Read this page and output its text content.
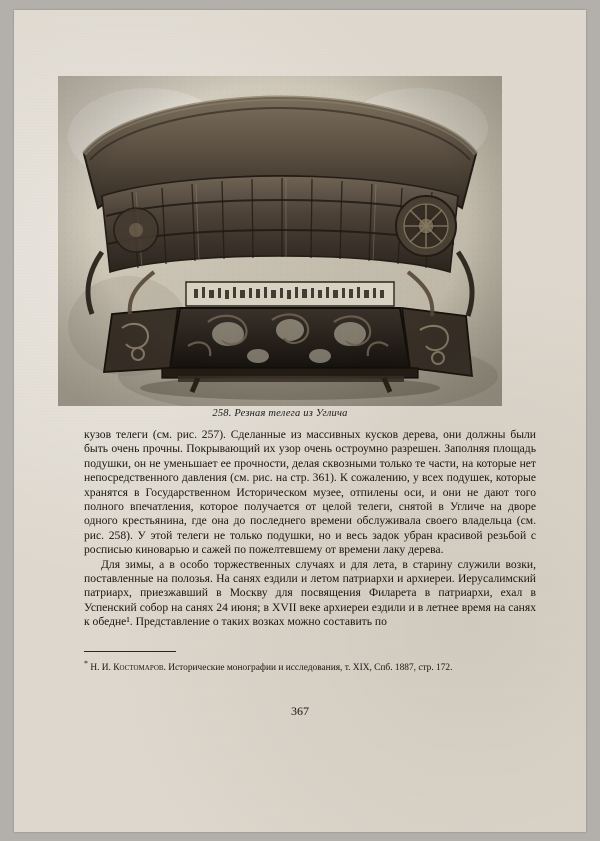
258. Резная телега из Углича

кузов телеги (см. рис. 257). Сделанные из массивных кусков дерева, они должны были быть очень прочны. Покрывающий их узор очень остроумно разрешен. Заполняя площадь подушки, он не уменьшает ее прочности, делая сквозными только те части, на которые нет непосредственного давления (см. рис. на стр. 361). К сожалению, у всех подушек, которые хранятся в Государственном Историческом музее, отпилены оси, и они не дают того полного впечатления, которое получается от целой телеги, снятой в Угличе на дворе одного крестьянина, где она до последнего времени обслуживала своего владельца (см. рис. 258). У этой телеги не только подушки, но и весь задок убран красивой резьбой с росписью киноварью и сажей по пожелтевшему от времени лаку дерева.

Для зимы, а в особо торжественных случаях и для лета, в старину служили возки, поставленные на полозья. На санях ездили и летом патриархи и архиереи. Иерусалимский патриарх, приезжавший в Москву для посвящения Филарета в патриархи, ехал в Успенский собор на санях 24 июня; в XVII веке архиереи ездили и в летнее время на санях к обедне¹. Представление о таких возках можно составить по

* Н. И. Костомаров. Исторические монографии и исследования, т. XIX, Спб. 1887, стр. 172.
367
